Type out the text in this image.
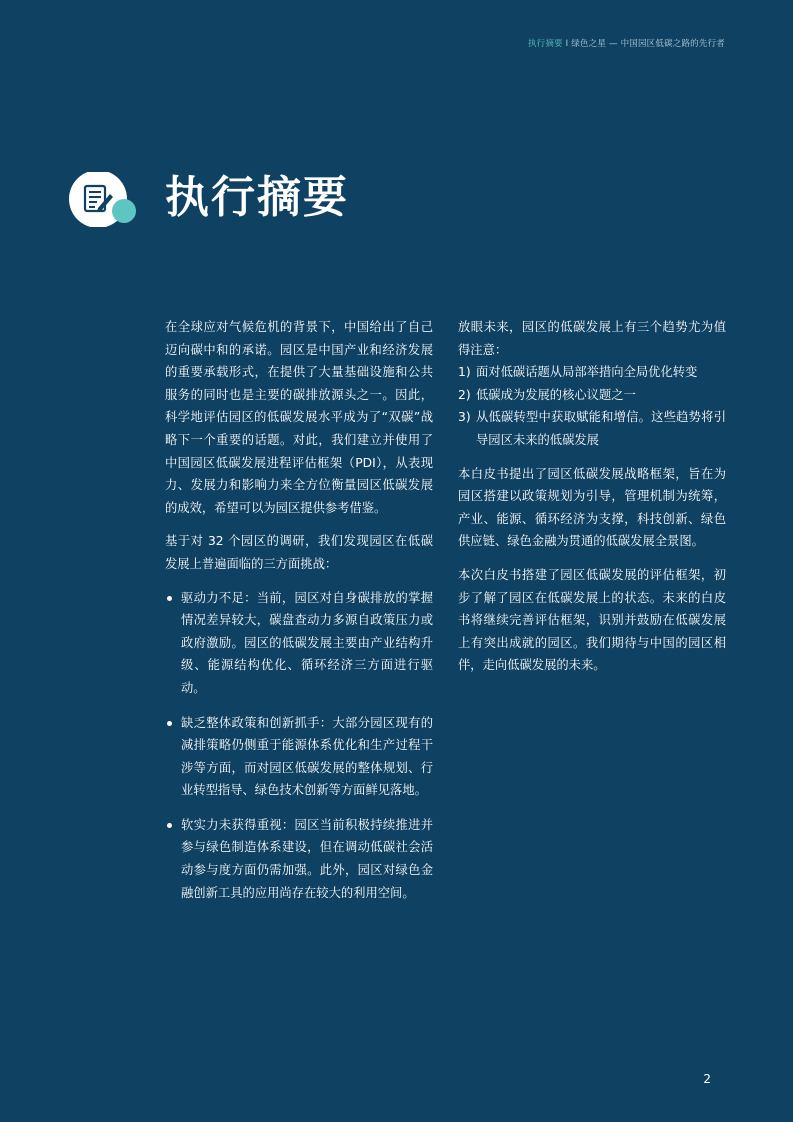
执行摘要 I 绿色之星 — 中国园区低碳之路的先行者
执行摘要

在全球应对气候危机的背景下，中国给出了自己迈向碳中和的承诺。园区是中国产业和经济发展的重要承载形式，在提供了大量基础设施和公共服务的同时也是主要的碳排放源头之一。因此，科学地评估园区的低碳发展水平成为了“双碳”战略下一个重要的话题。对此，我们建立并使用了中国园区低碳发展进程评估框架（PDI），从表现力、发展力和影响力来全方位衡量园区低碳发展的成效，希望可以为园区提供参考借鉴。

基于对 32 个园区的调研，我们发现园区在低碳发展上普遍面临的三方面挑战：

驱动力不足：当前，园区对自身碳排放的掌握情况差异较大，碳盘查动力多源自政策压力或政府激励。园区的低碳发展主要由产业结构升级、能源结构优化、循环经济三方面进行驱动。
缺乏整体政策和创新抓手：大部分园区现有的减排策略仍侧重于能源体系优化和生产过程干涉等方面，而对园区低碳发展的整体规划、行业转型指导、绿色技术创新等方面鲜见落地。
软实力未获得重视：园区当前积极持续推进并参与绿色制造体系建设，但在调动低碳社会活动参与度方面仍需加强。此外，园区对绿色金融创新工具的应用尚存在较大的利用空间。

放眼未来，园区的低碳发展上有三个趋势尤为值得注意：

1) 面对低碳话题从局部举措向全局优化转变
2) 低碳成为发展的核心议题之一
3) 从低碳转型中获取赋能和增信。这些趋势将引导园区未来的低碳发展

本白皮书提出了园区低碳发展战略框架，旨在为园区搭建以政策规划为引导，管理机制为统筹，产业、能源、循环经济为支撑，科技创新、绿色供应链、绿色金融为贯通的低碳发展全景图。

本次白皮书搭建了园区低碳发展的评估框架，初步了解了园区在低碳发展上的状态。未来的白皮书将继续完善评估框架，识别并鼓励在低碳发展上有突出成就的园区。我们期待与中国的园区相伴，走向低碳发展的未来。

2
